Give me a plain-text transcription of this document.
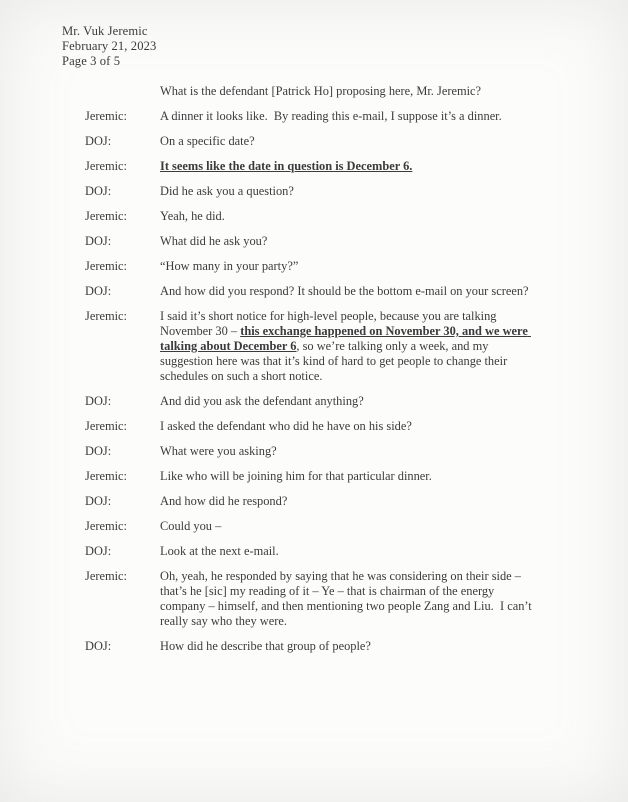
Mr. Vuk Jeremic
February 21, 2023
Page 3 of 5
What is the defendant [Patrick Ho] proposing here, Mr. Jeremic?
Jeremic:	A dinner it looks like.  By reading this e-mail, I suppose it’s a dinner.
DOJ:	On a specific date?
Jeremic:	It seems like the date in question is December 6.
DOJ:	Did he ask you a question?
Jeremic:	Yeah, he did.
DOJ:	What did he ask you?
Jeremic:	“How many in your party?”
DOJ:	And how did you respond? It should be the bottom e-mail on your screen?
Jeremic:	I said it’s short notice for high-level people, because you are talking November 30 – this exchange happened on November 30, and we were talking about December 6, so we’re talking only a week, and my suggestion here was that it’s kind of hard to get people to change their schedules on such a short notice.
DOJ:	And did you ask the defendant anything?
Jeremic:	I asked the defendant who did he have on his side?
DOJ:	What were you asking?
Jeremic:	Like who will be joining him for that particular dinner.
DOJ:	And how did he respond?
Jeremic:	Could you –
DOJ:	Look at the next e-mail.
Jeremic:	Oh, yeah, he responded by saying that he was considering on their side – that’s he [sic] my reading of it – Ye – that is chairman of the energy company – himself, and then mentioning two people Zang and Liu.  I can’t really say who they were.
DOJ:	How did he describe that group of people?
